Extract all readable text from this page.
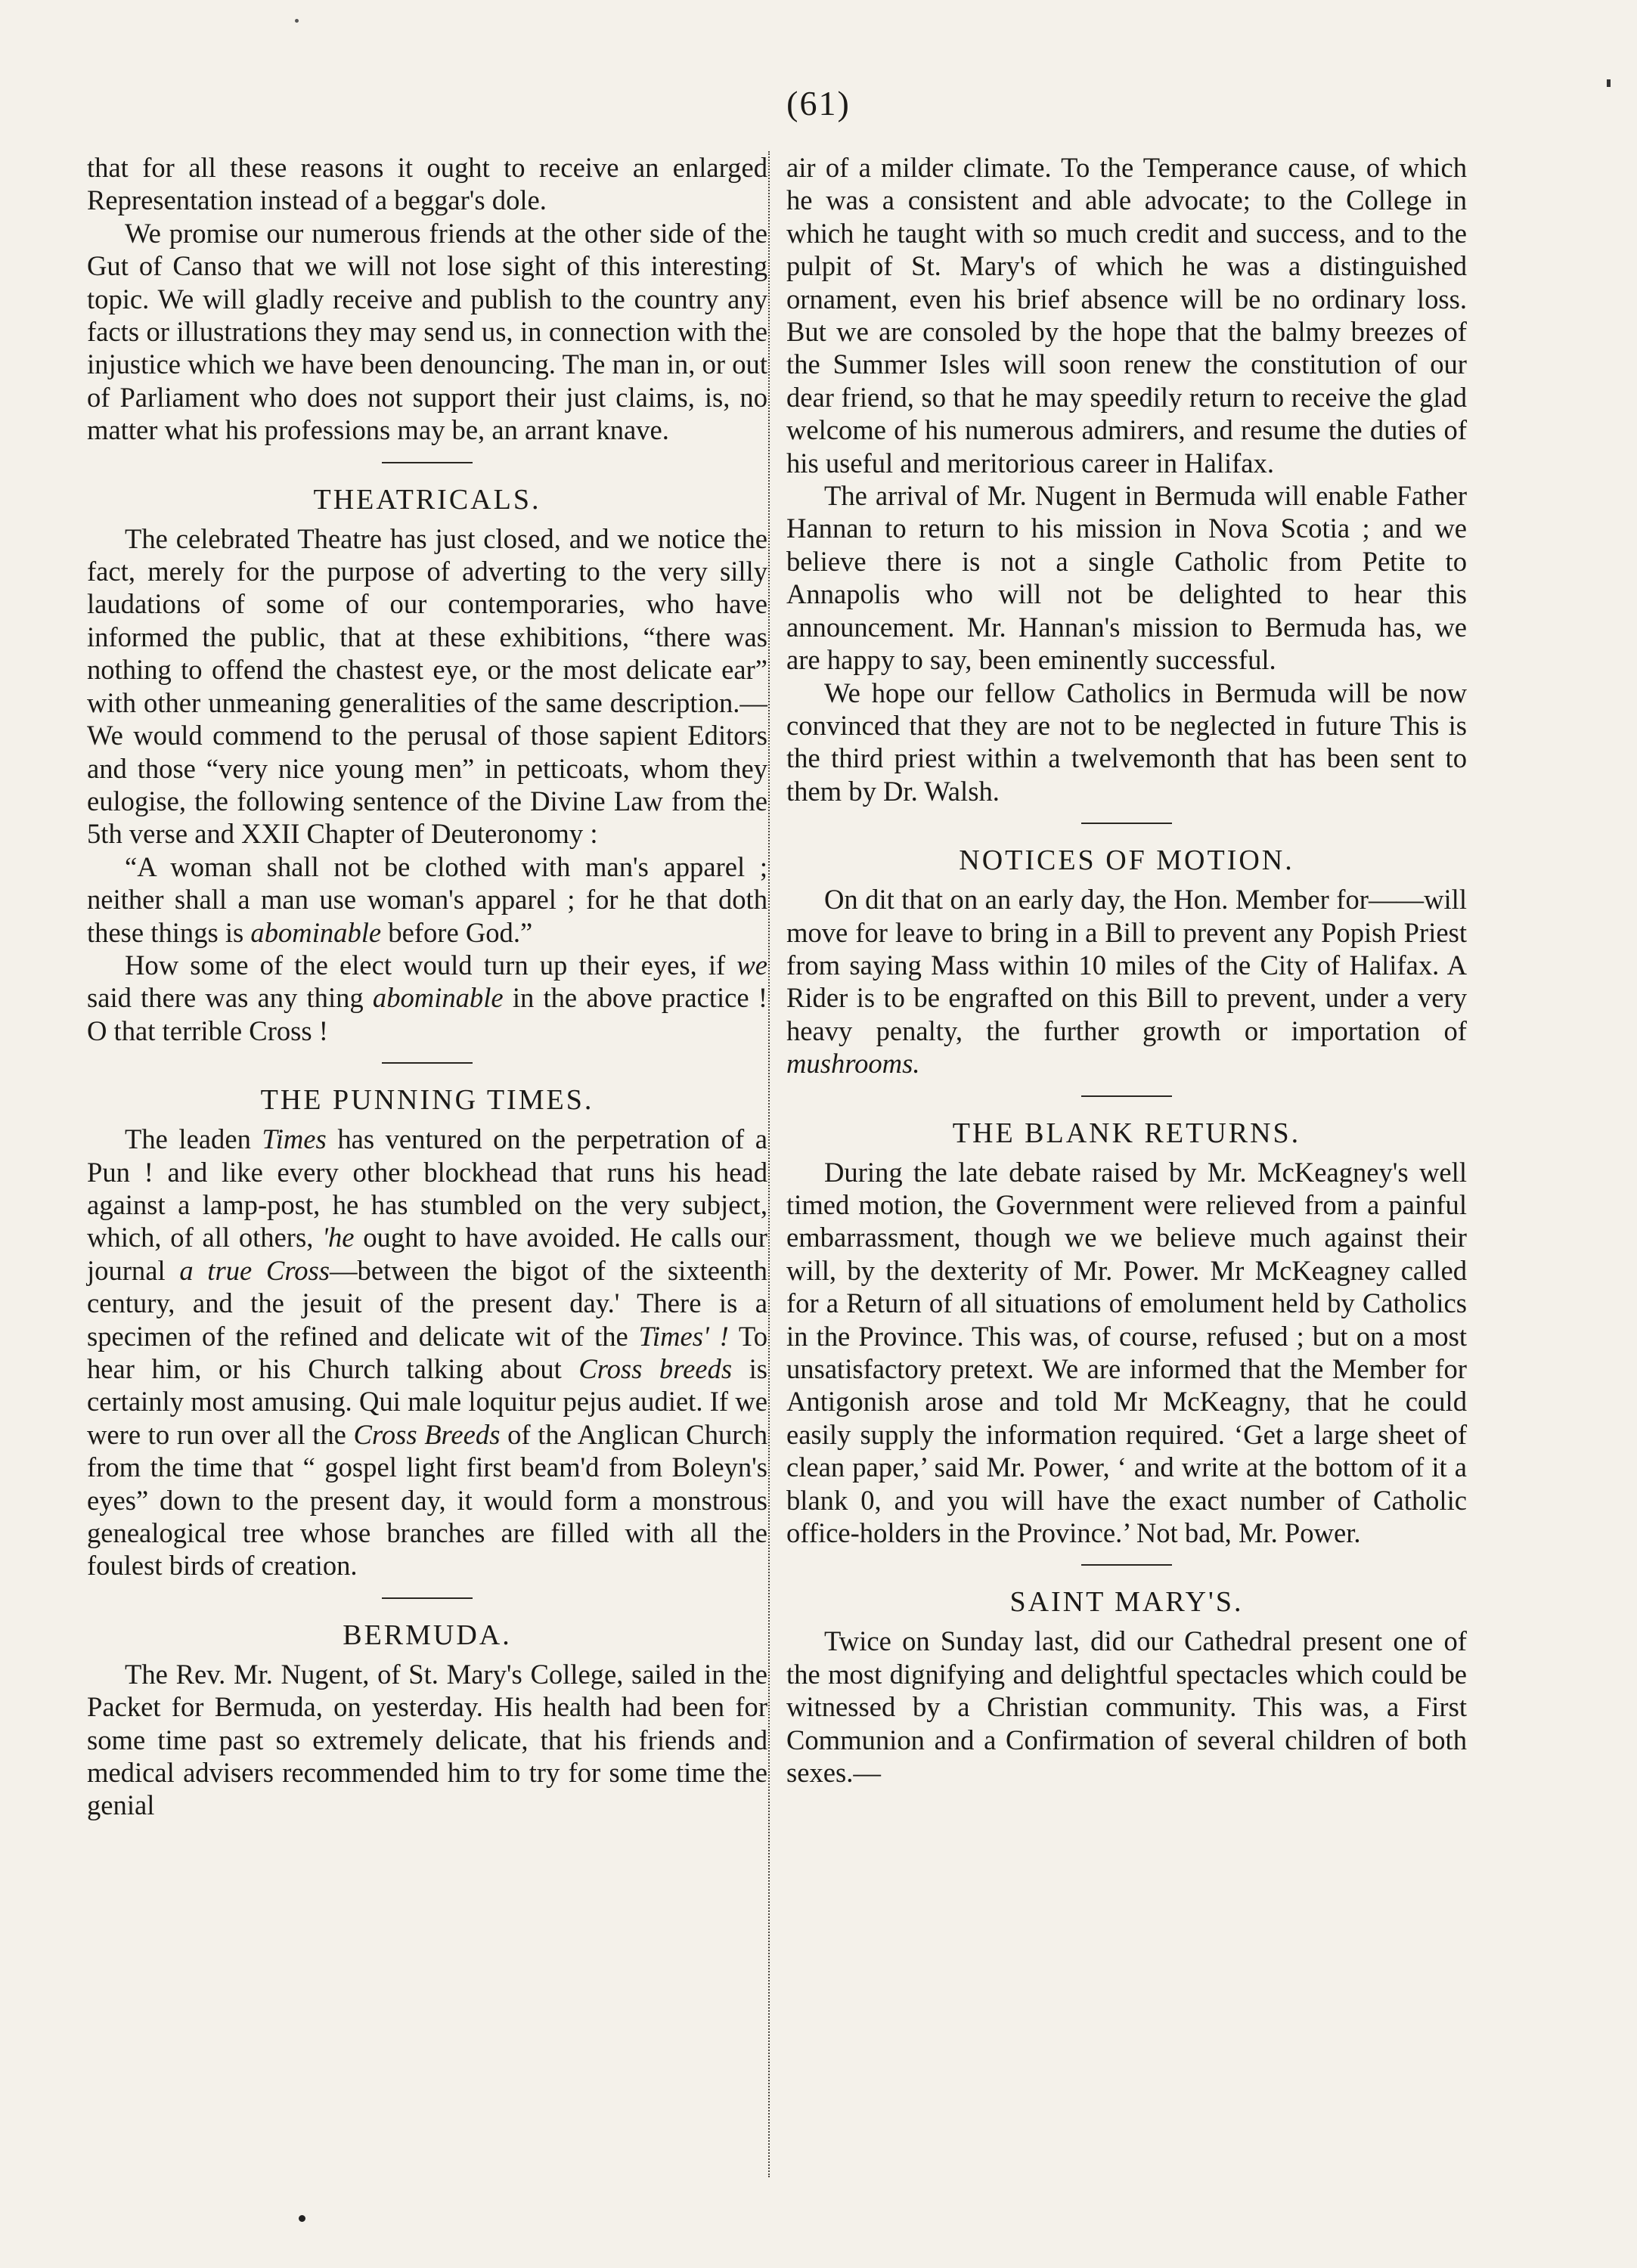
(61)

that for all these reasons it ought to receive an enlarged Representation instead of a beggar's dole.

We promise our numerous friends at the other side of the Gut of Canso that we will not lose sight of this interesting topic. We will gladly receive and publish to the country any facts or illustrations they may send us, in connection with the injustice which we have been denouncing. The man in, or out of Parliament who does not support their just claims, is, no matter what his professions may be, an arrant knave.

THEATRICALS.

The celebrated Theatre has just closed, and we notice the fact, merely for the purpose of adverting to the very silly laudations of some of our contemporaries, who have informed the public, that at these exhibitions, “there was nothing to offend the chastest eye, or the most delicate ear” with other unmeaning generalities of the same description.— We would commend to the perusal of those sapient Editors and those “very nice young men” in petticoats, whom they eulogise, the following sentence of the Divine Law from the 5th verse and XXII Chapter of Deuteronomy :

“A woman shall not be clothed with man's apparel ; neither shall a man use woman's apparel ; for he that doth these things is abominable before God.”

How some of the elect would turn up their eyes, if we said there was any thing abominable in the above practice ! O that terrible Cross !

THE PUNNING TIMES.

The leaden Times has ventured on the perpetration of a Pun ! and like every other blockhead that runs his head against a lamp-post, he has stumbled on the very subject, which, of all others, 'he ought to have avoided. He calls our journal a true Cross—between the bigot of the sixteenth century, and the jesuit of the present day.' There is a specimen of the refined and delicate wit of the Times' ! To hear him, or his Church talking about Cross breeds is certainly most amusing. Qui male loquitur pejus audiet. If we were to run over all the Cross Breeds of the Anglican Church from the time that “ gospel light first beam'd from Boleyn's eyes” down to the present day, it would form a monstrous genealogical tree whose branches are filled with all the foulest birds of creation.

BERMUDA.

The Rev. Mr. Nugent, of St. Mary's College, sailed in the Packet for Bermuda, on yesterday. His health had been for some time past so extremely delicate, that his friends and medical advisers recommended him to try for some time the genial

air of a milder climate. To the Temperance cause, of which he was a consistent and able advocate; to the College in which he taught with so much credit and success, and to the pulpit of St. Mary's of which he was a distinguished ornament, even his brief absence will be no ordinary loss. But we are consoled by the hope that the balmy breezes of the Summer Isles will soon renew the constitution of our dear friend, so that he may speedily return to receive the glad welcome of his numerous admirers, and resume the duties of his useful and meritorious career in Halifax.

The arrival of Mr. Nugent in Bermuda will enable Father Hannan to return to his mission in Nova Scotia ; and we believe there is not a single Catholic from Petite to Annapolis who will not be delighted to hear this announcement. Mr. Hannan's mission to Bermuda has, we are happy to say, been eminently successful.

We hope our fellow Catholics in Bermuda will be now convinced that they are not to be neglected in future This is the third priest within a twelvemonth that has been sent to them by Dr. Walsh.

NOTICES OF MOTION.

On dit that on an early day, the Hon. Member for——will move for leave to bring in a Bill to prevent any Popish Priest from saying Mass within 10 miles of the City of Halifax. A Rider is to be engrafted on this Bill to prevent, under a very heavy penalty, the further growth or importation of mushrooms.

THE BLANK RETURNS.

During the late debate raised by Mr. McKeagney's well timed motion, the Government were relieved from a painful embarrassment, though we we believe much against their will, by the dexterity of Mr. Power. Mr McKeagney called for a Return of all situations of emolument held by Catholics in the Province. This was, of course, refused ; but on a most unsatisfactory pretext. We are informed that the Member for Antigonish arose and told Mr McKeagny, that he could easily supply the information required. ‘Get a large sheet of clean paper,’ said Mr. Power, ‘ and write at the bottom of it a blank 0, and you will have the exact number of Catholic office-holders in the Province.’ Not bad, Mr. Power.

SAINT MARY'S.

Twice on Sunday last, did our Cathedral present one of the most dignifying and delightful spectacles which could be witnessed by a Christian community. This was, a First Communion and a Confirmation of several children of both sexes.—
